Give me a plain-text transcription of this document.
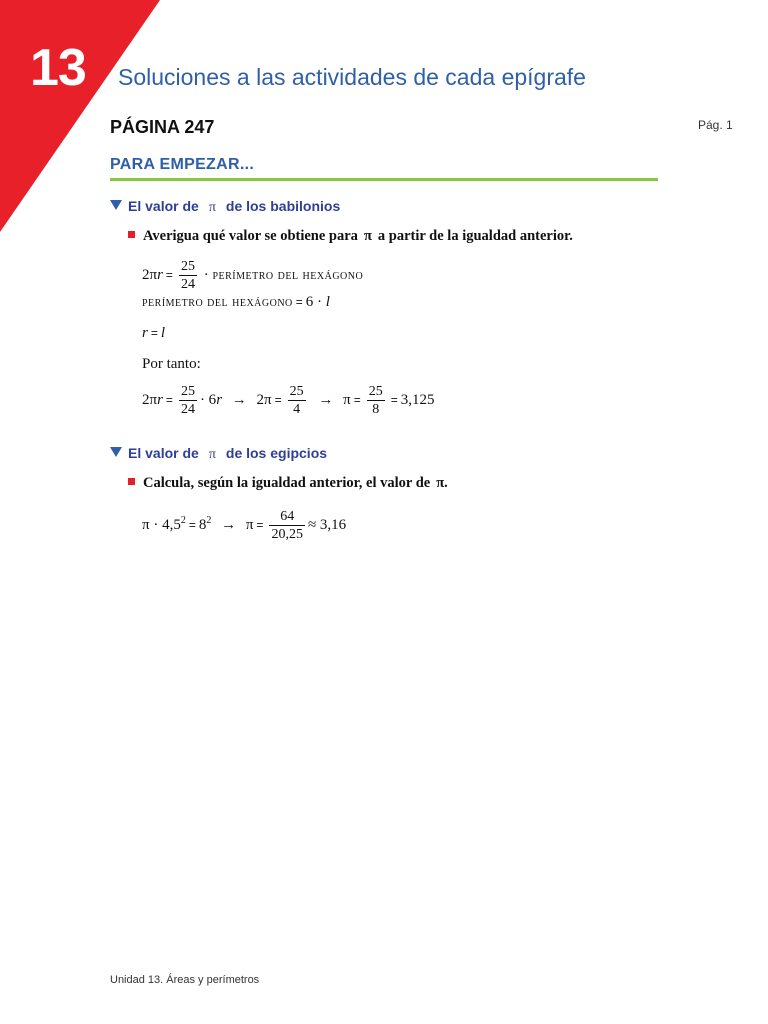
13 Soluciones a las actividades de cada epígrafe
PÁGINA 247	Pág. 1
PARA EMPEZAR...
El valor de π de los babilonios
Averigua qué valor se obtiene para π a partir de la igualdad anterior.
$2\pi r = \frac{25}{24}$ · perímetro del hexágono
perímetro del hexágono = 6 · l
r = l
Por tanto:
$2\pi r = \frac{25}{24} \cdot 6r \to 2\pi = \frac{25}{4} \to \pi = \frac{25}{8} = 3,125$
El valor de π de los egipcios
Calcula, según la igualdad anterior, el valor de π.
$\pi \cdot 4,5^2 = 8^2 \to \pi = \frac{64}{20,25} \approx 3,16$
Unidad 13. Áreas y perímetros
